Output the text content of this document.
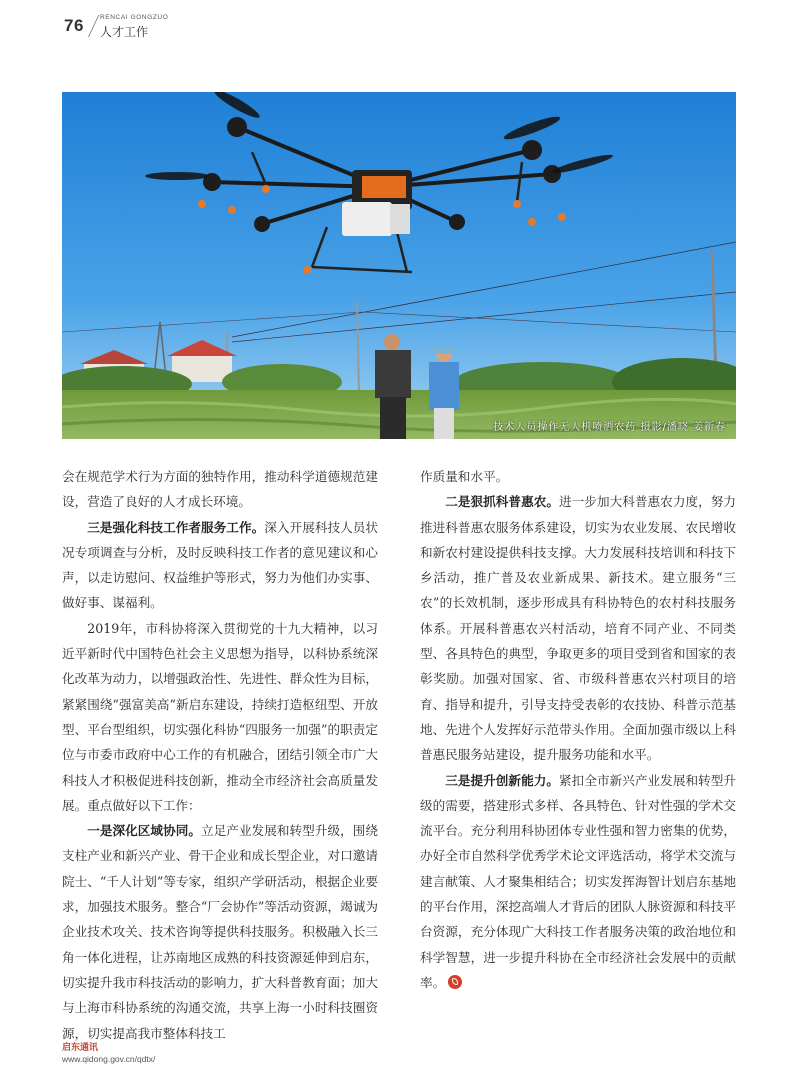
76 RENCAI GONGZUO
人才工作
技术人员操作无人机喷洒农药 摄影/潘晓 姜新春

会在规范学术行为方面的独特作用，推动科学道德规范建设，营造了良好的人才成长环境。

三是强化科技工作者服务工作。深入开展科技人员状况专项调查与分析，及时反映科技工作者的意见建议和心声，以走访慰问、权益维护等形式，努力为他们办实事、做好事、谋福利。

2019年，市科协将深入贯彻党的十九大精神，以习近平新时代中国特色社会主义思想为指导，以科协系统深化改革为动力，以增强政治性、先进性、群众性为目标，紧紧围绕“强富美高”新启东建设，持续打造枢纽型、开放型、平台型组织，切实强化科协“四服务一加强”的职责定位与市委市政府中心工作的有机融合，团结引领全市广大科技人才积极促进科技创新，推动全市经济社会高质量发展。重点做好以下工作：

一是深化区域协同。立足产业发展和转型升级，围绕支柱产业和新兴产业、骨干企业和成长型企业，对口邀请院士、“千人计划”等专家，组织产学研活动，根据企业要求，加强技术服务。整合“厂会协作”等活动资源，竭诚为企业技术攻关、技术咨询等提供科技服务。积极融入长三角一体化进程，让苏南地区成熟的科技资源延伸到启东，切实提升我市科技活动的影响力，扩大科普教育面；加大与上海市科协系统的沟通交流，共享上海一小时科技圈资源，切实提高我市整体科技工

作质量和水平。

二是狠抓科普惠农。进一步加大科普惠农力度，努力推进科普惠农服务体系建设，切实为农业发展、农民增收和新农村建设提供科技支撑。大力发展科技培训和科技下乡活动，推广普及农业新成果、新技术。建立服务“三农”的长效机制，逐步形成具有科协特色的农村科技服务体系。开展科普惠农兴村活动，培育不同产业、不同类型、各具特色的典型，争取更多的项目受到省和国家的表彰奖励。加强对国家、省、市级科普惠农兴村项目的培育、指导和提升，引导支持受表彰的农技协、科普示范基地、先进个人发挥好示范带头作用。全面加强市级以上科普惠民服务站建设，提升服务功能和水平。

三是提升创新能力。紧扣全市新兴产业发展和转型升级的需要，搭建形式多样、各具特色、针对性强的学术交流平台。充分利用科协团体专业性强和智力密集的优势，办好全市自然科学优秀学术论文评选活动，将学术交流与建言献策、人才聚集相结合；切实发挥海智计划启东基地的平台作用，深挖高端人才背后的团队人脉资源和科技平台资源，充分体现广大科技工作者服务决策的政治地位和科学智慧，进一步提升科协在全市经济社会发展中的贡献率。

启东通讯
www.qidong.gov.cn/qdtx/
